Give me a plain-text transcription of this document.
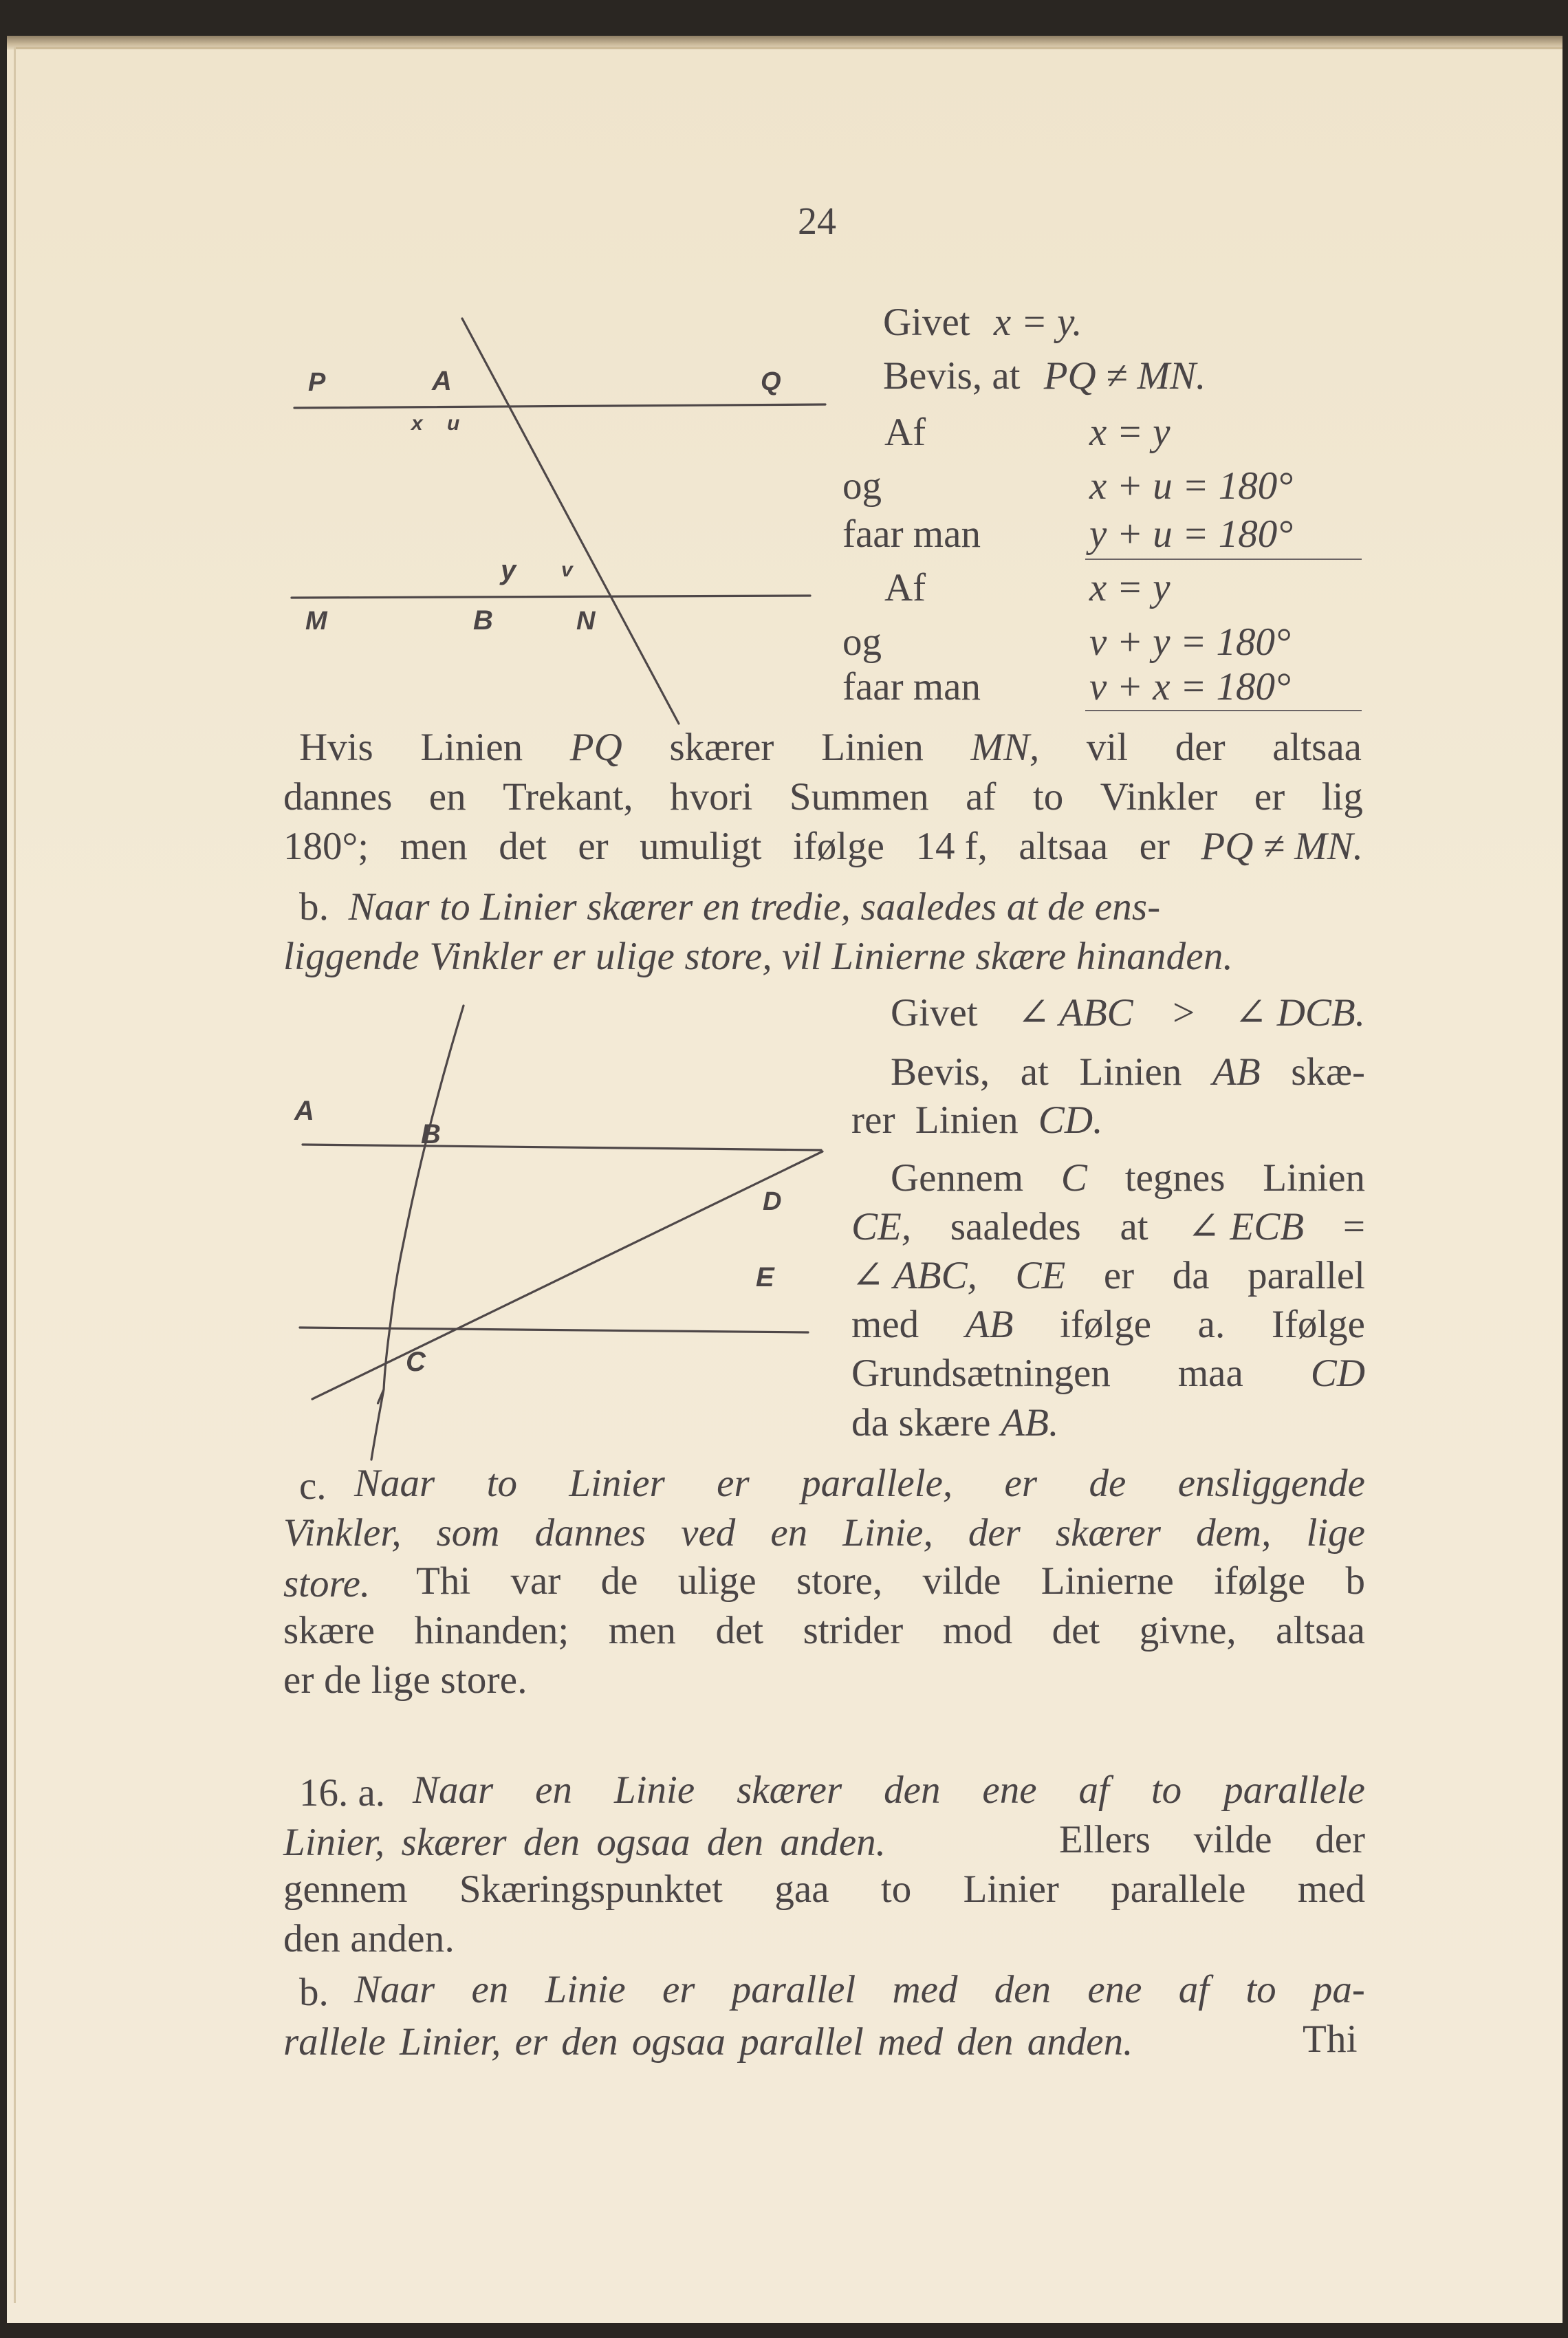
24
P	A	Q
x u
v
y
M	B	N
Givet x = y.
Bevis, at PQ ≠ MN.
Af	x = y
og	x + u = 180°
faar man	y + u = 180°
Af	x = y
og	v + y = 180°
faar man	v + x = 180°
Hvis Linien PQ skærer Linien MN, vil der altsaa
dannes en Trekant, hvori Summen af to Vinkler er lig
180°; men det er umuligt ifølge 14 f, altsaa er PQ ≠ MN.
b. Naar to Linier skærer en tredie, saaledes at de ens-
liggende Vinkler er ulige store, vil Linierne skære hinanden.
A
B
D
E
C
Givet ∠ ABC > ∠ DCB.
Bevis, at Linien AB skæ-
rer Linien CD.
Gennem C tegnes Linien
CE, saaledes at ∠ ECB =
∠ ABC, CE er da parallel
med AB ifølge a. Ifølge
Grundsætningen maa CD
da skære AB.
c. Naar to Linier er parallele, er de ensliggende
Vinkler, som dannes ved en Linie, der skærer dem, lige
store. Thi var de ulige store, vilde Linierne ifølge b
skære hinanden; men det strider mod det givne, altsaa
er de lige store.
16. a. Naar en Linie skærer den ene af to parallele
Linier, skærer den ogsaa den anden.	Ellers vilde der
gennem Skæringspunktet gaa to Linier parallele med
den anden.
b. Naar en Linie er parallel med den ene af to pa-
rallele Linier, er den ogsaa parallel med den anden.	Thi
